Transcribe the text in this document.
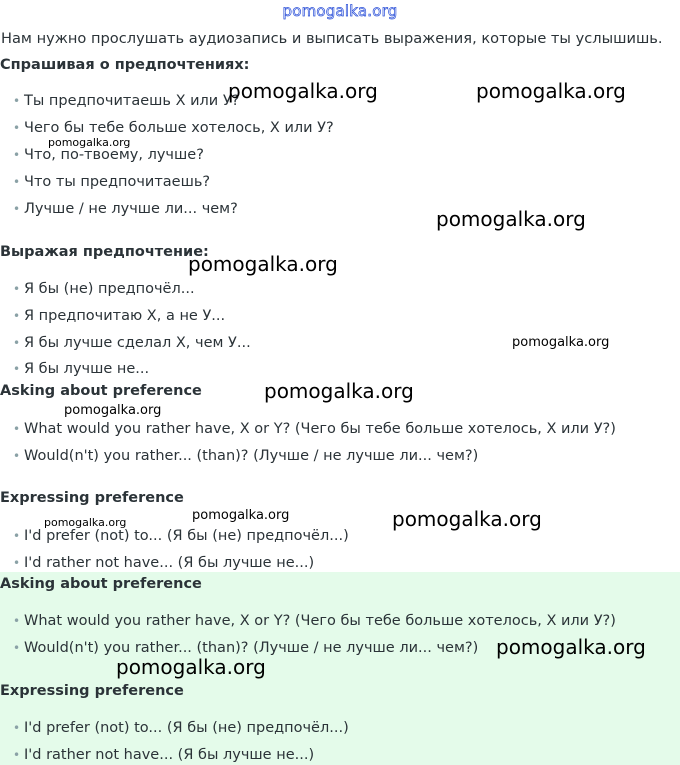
pomogalka.org
Нам нужно прослушать аудиозапись и выписать выражения, которые ты услышишь.
Спрашивая о предпочтениях:
• Ты предпочитаешь X или У?
• Чего бы тебе больше хотелось, X или У?
• Что, по-твоему, лучше?
• Что ты предпочитаешь?
• Лучше / не лучше ли... чем?
Выражая предпочтение:
• Я бы (не) предпочёл...
• Я предпочитаю X, а не У...
• Я бы лучше сделал X, чем У...
• Я бы лучше не...
Asking about preference
• What would you rather have, X or Y? (Чего бы тебе больше хотелось, X или У?)
• Would(n't) you rather... (than)? (Лучше / не лучше ли... чем?)
Expressing preference
• I'd prefer (not) to... (Я бы (не) предпочёл...)
• I'd rather not have... (Я бы лучше не...)
Asking about preference
• What would you rather have, X or Y? (Чего бы тебе больше хотелось, X или У?)
• Would(n't) you rather... (than)? (Лучше / не лучше ли... чем?)
Expressing preference
• I'd prefer (not) to... (Я бы (не) предпочёл...)
• I'd rather not have... (Я бы лучше не...)
pomogalka.org	pomogalka.org
pomogalka.org
pomogalka.org
pomogalka.org
pomogalka.org
pomogalka.org
pomogalka.org
pomogalka.org	pomogalka.org
pomogalka.org
pomogalka.org
pomogalka.org
